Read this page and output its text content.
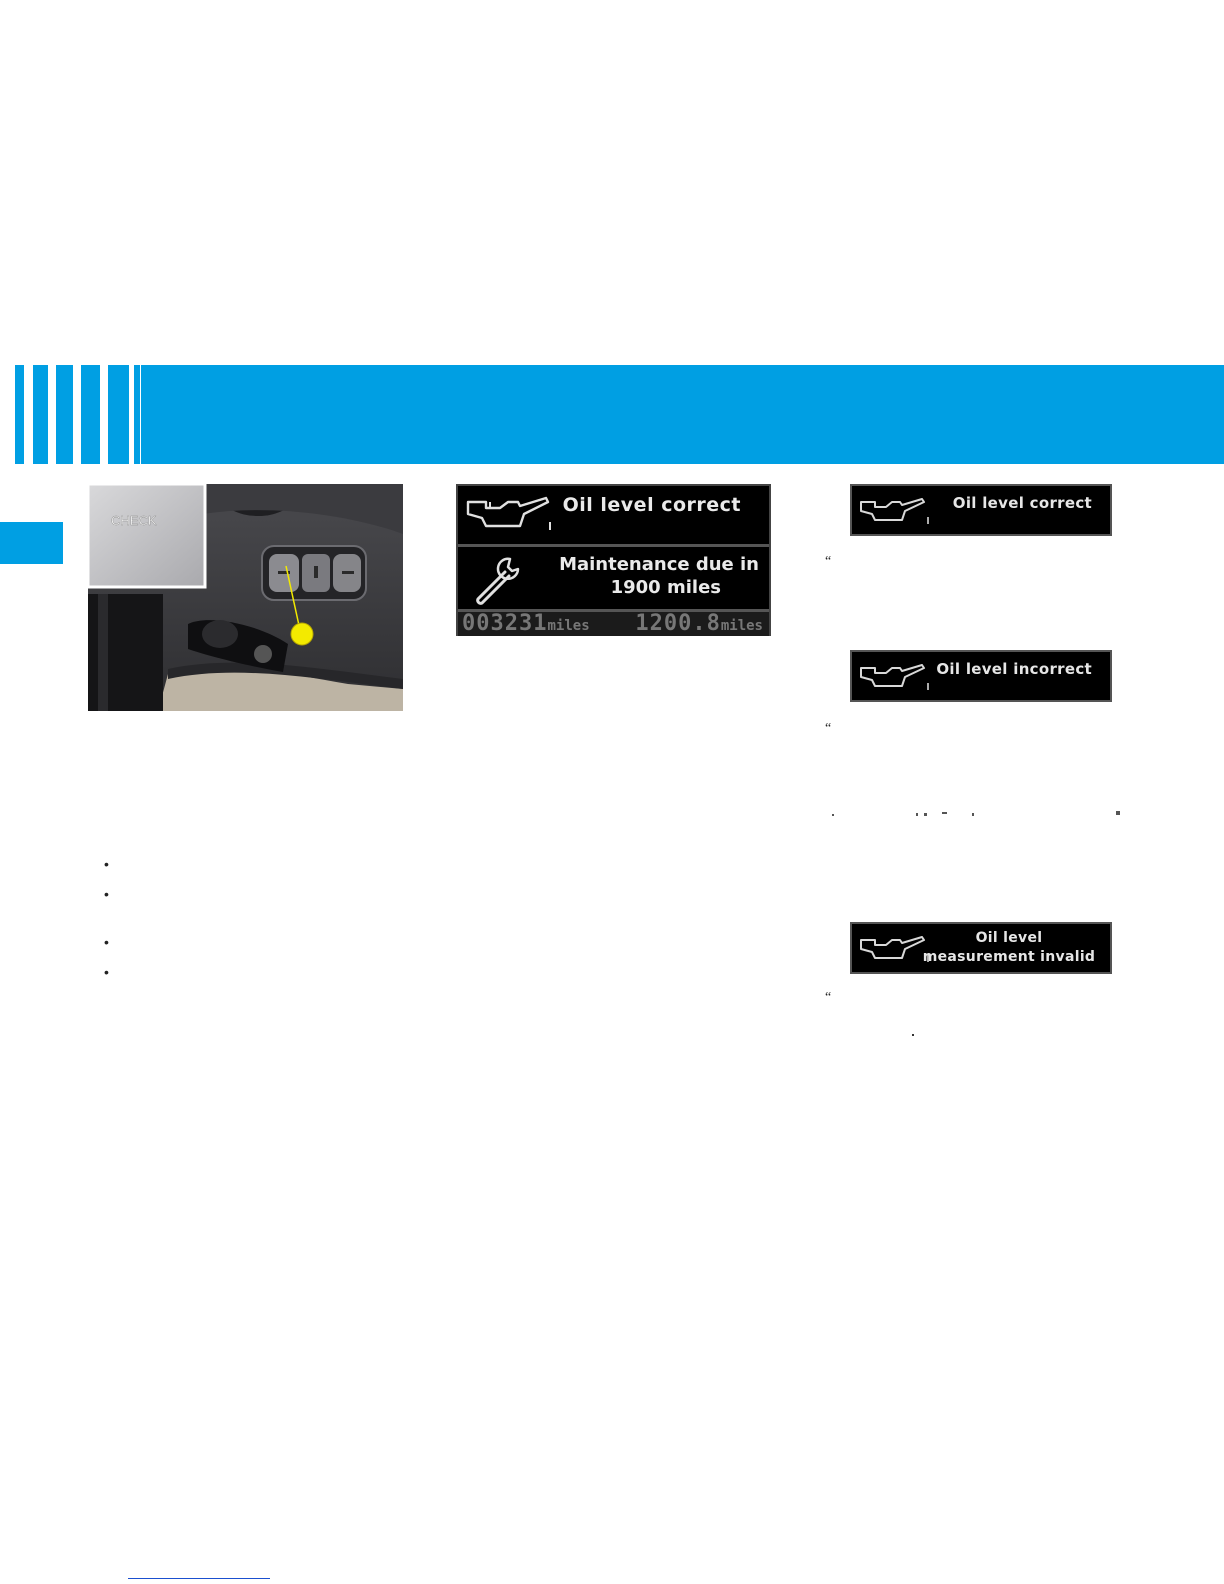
CHECK
Oil level correct
Maintenance due in
1900 miles
003231miles 1200.8miles
Oil level correct
“
Oil level incorrect
“
Oil level
measurement invalid
“
•
•
•
•
